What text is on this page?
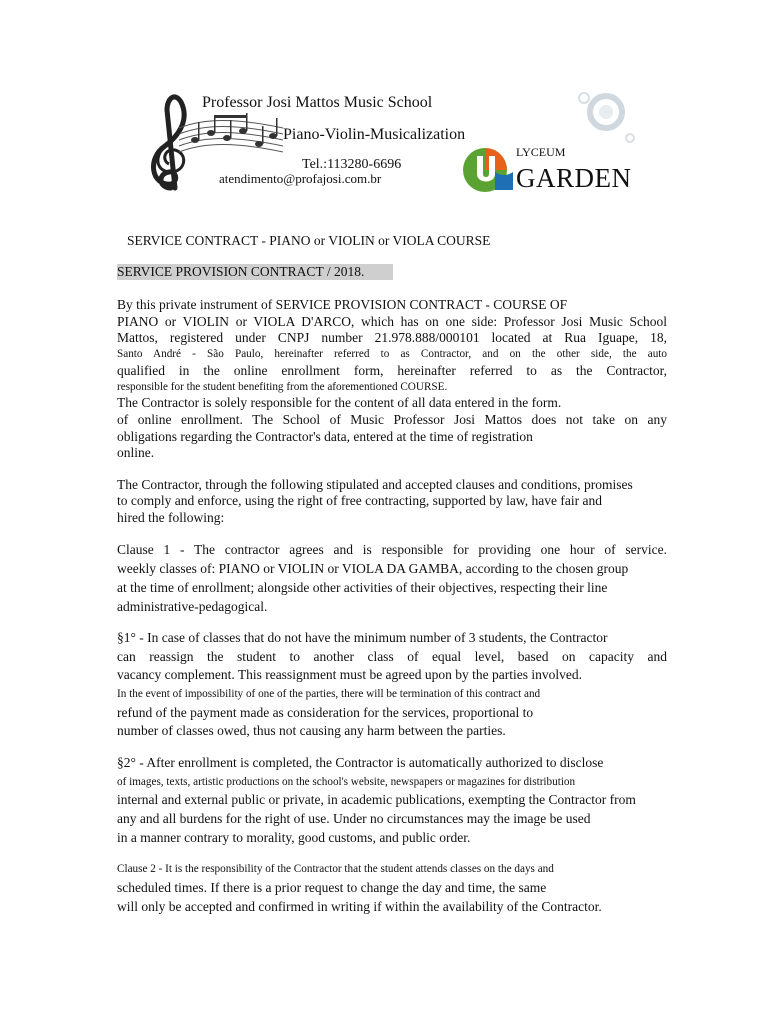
Professor Josi Mattos Music School
Piano-Violin-Musicalization
Tel.:113280-6696
atendimento@profajosi.com.br
LYCEUM
GARDEN
SERVICE CONTRACT - PIANO or VIOLIN or VIOLA COURSE
SERVICE PROVISION CONTRACT / 2018.
By this private instrument of SERVICE PROVISION CONTRACT - COURSE OF
PIANO or VIOLIN or VIOLA D'ARCO, which has on one side: Professor Josi Music School
Mattos, registered under CNPJ number 21.978.888/000101 located at Rua Iguape, 18,
Santo André - São Paulo, hereinafter referred to as Contractor, and on the other side, the auto
qualified in the online enrollment form, hereinafter referred to as the Contractor,
responsible for the student benefiting from the aforementioned COURSE.
The Contractor is solely responsible for the content of all data entered in the form.
of online enrollment. The School of Music Professor Josi Mattos does not take on any
obligations regarding the Contractor's data, entered at the time of registration
online.
The Contractor, through the following stipulated and accepted clauses and conditions, promises
to comply and enforce, using the right of free contracting, supported by law, have fair and
hired the following:
Clause 1 - The contractor agrees and is responsible for providing one hour of service.
weekly classes of: PIANO or VIOLIN or VIOLA DA GAMBA, according to the chosen group
at the time of enrollment; alongside other activities of their objectives, respecting their line
administrative-pedagogical.
§1° - In case of classes that do not have the minimum number of 3 students, the Contractor
can reassign the student to another class of equal level, based on capacity and
vacancy complement. This reassignment must be agreed upon by the parties involved.
In the event of impossibility of one of the parties, there will be termination of this contract and
refund of the payment made as consideration for the services, proportional to
number of classes owed, thus not causing any harm between the parties.
§2° - After enrollment is completed, the Contractor is automatically authorized to disclose
of images, texts, artistic productions on the school's website, newspapers or magazines for distribution
internal and external public or private, in academic publications, exempting the Contractor from
any and all burdens for the right of use. Under no circumstances may the image be used
in a manner contrary to morality, good customs, and public order.
Clause 2 - It is the responsibility of the Contractor that the student attends classes on the days and
scheduled times. If there is a prior request to change the day and time, the same
will only be accepted and confirmed in writing if within the availability of the Contractor.
